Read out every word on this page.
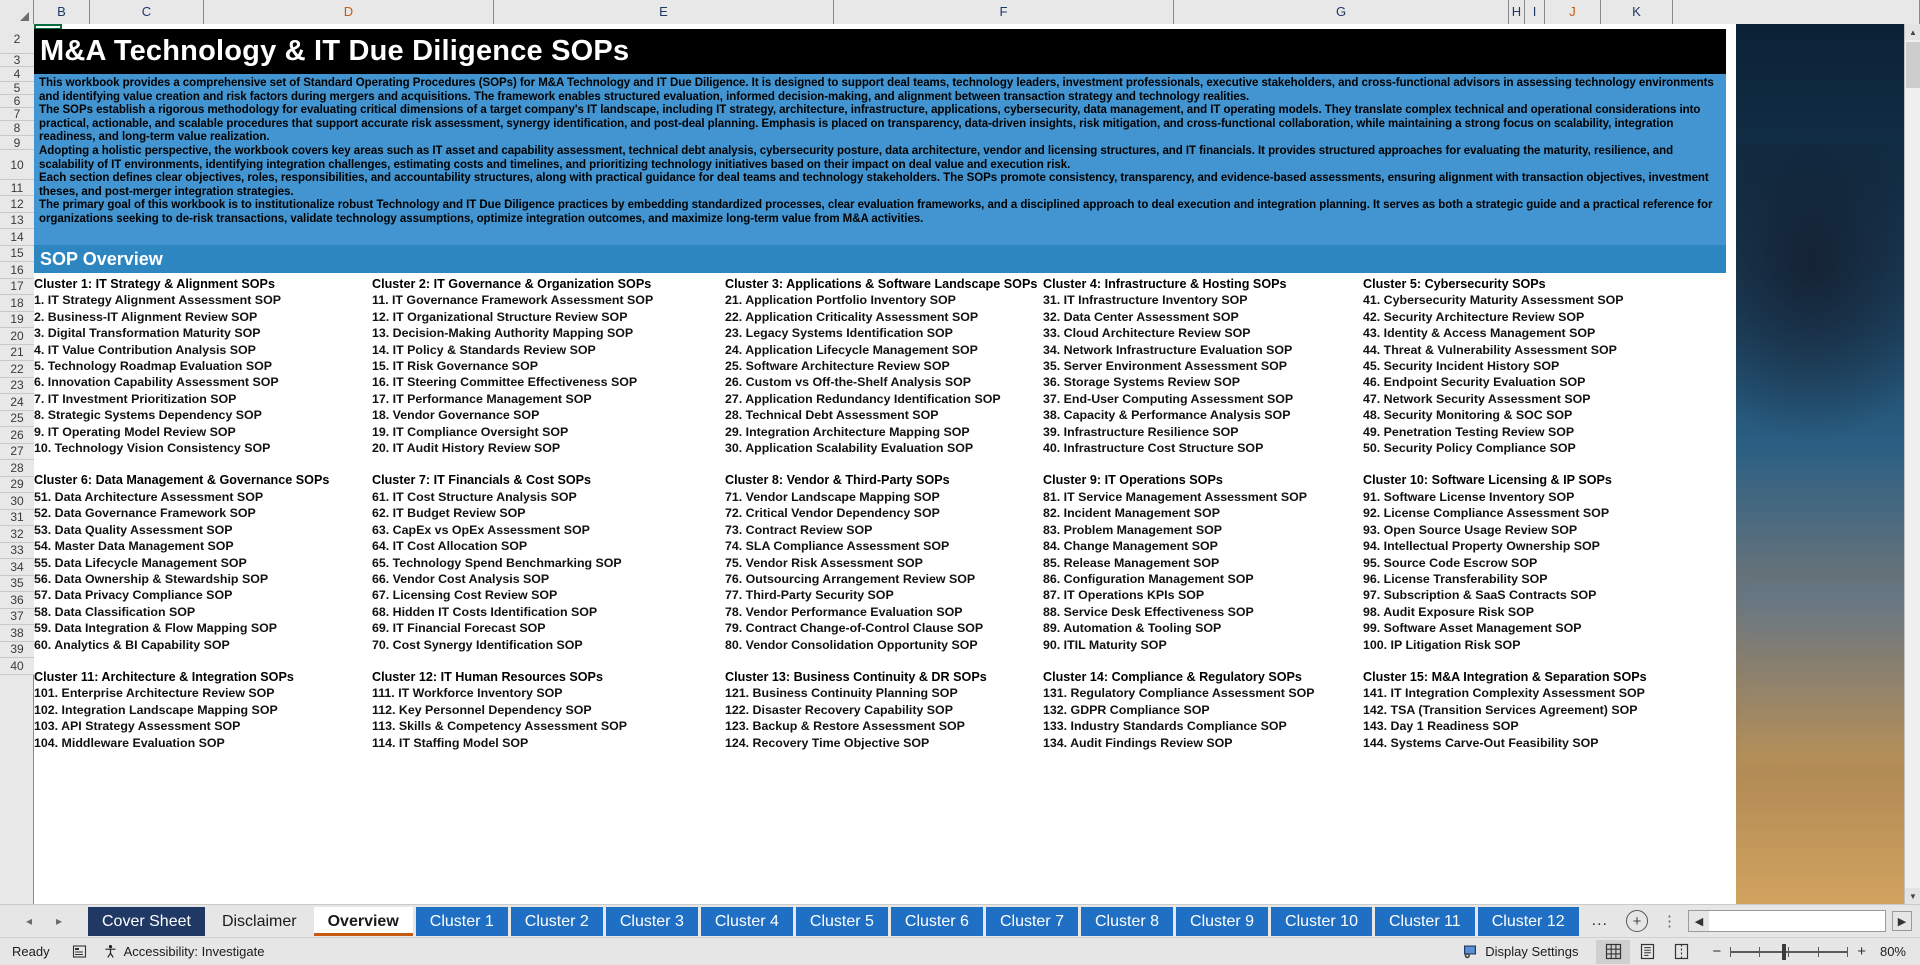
B	C	D	E	F	G	H I	J	K
2
3
4
5
6
7
8
9
10
11
12
13
14
15
16
17
18
19
20
21
22
23
24
25
26
27
28
29
30
31
32
33
34
35
36
37
38
39
40
M&A Technology & IT Due Diligence SOPs

This workbook provides a comprehensive set of Standard Operating Procedures (SOPs) for M&A Technology and IT Due Diligence. It is designed to support deal teams, technology leaders, investment professionals, executive stakeholders, and cross-functional advisors in assessing technology environments and identifying value creation and risk factors during mergers and acquisitions. The framework enables structured evaluation, informed decision-making, and alignment between transaction strategy and technology realities.

The SOPs establish a rigorous methodology for evaluating critical dimensions of a target company's IT landscape, including IT strategy, architecture, infrastructure, applications, cybersecurity, data management, and IT operating models. They translate complex technical and operational considerations into practical, actionable, and scalable procedures that support accurate risk assessment, synergy identification, and post-deal planning. Emphasis is placed on transparency, data-driven insights, risk mitigation, and cross-functional collaboration, while maintaining a strong focus on scalability, integration readiness, and long-term value realization.

Adopting a holistic perspective, the workbook covers key areas such as IT asset and capability assessment, technical debt analysis, cybersecurity posture, data architecture, vendor and licensing structures, and IT financials. It provides structured approaches for evaluating the maturity, resilience, and scalability of IT environments, identifying integration challenges, estimating costs and timelines, and prioritizing technology initiatives based on their impact on deal value and execution risk.

Each section defines clear objectives, roles, responsibilities, and accountability structures, along with practical guidance for deal teams and technology stakeholders. The SOPs promote consistency, transparency, and evidence-based assessments, ensuring alignment with transaction objectives, investment theses, and post-merger integration strategies.

The primary goal of this workbook is to institutionalize robust Technology and IT Due Diligence practices by embedding standardized processes, clear evaluation frameworks, and a disciplined approach to deal execution and integration planning. It serves as both a strategic guide and a practical reference for organizations seeking to de-risk transactions, validate technology assumptions, optimize integration outcomes, and maximize long-term value from M&A activities.

SOP Overview
Cluster 1: IT Strategy & Alignment SOPs
1. IT Strategy Alignment Assessment SOP
2. Business-IT Alignment Review SOP
3. Digital Transformation Maturity SOP
4. IT Value Contribution Analysis SOP
5. Technology Roadmap Evaluation SOP
6. Innovation Capability Assessment SOP
7. IT Investment Prioritization SOP
8. Strategic Systems Dependency SOP
9. IT Operating Model Review SOP
10. Technology Vision Consistency SOP
Cluster 2: IT Governance & Organization SOPs
11. IT Governance Framework Assessment SOP
12. IT Organizational Structure Review SOP
13. Decision-Making Authority Mapping SOP
14. IT Policy & Standards Review SOP
15. IT Risk Governance SOP
16. IT Steering Committee Effectiveness SOP
17. IT Performance Management SOP
18. Vendor Governance SOP
19. IT Compliance Oversight SOP
20. IT Audit History Review SOP
Cluster 3: Applications & Software Landscape SOPs
21. Application Portfolio Inventory SOP
22. Application Criticality Assessment SOP
23. Legacy Systems Identification SOP
24. Application Lifecycle Management SOP
25. Software Architecture Review SOP
26. Custom vs Off-the-Shelf Analysis SOP
27. Application Redundancy Identification SOP
28. Technical Debt Assessment SOP
29. Integration Architecture Mapping SOP
30. Application Scalability Evaluation SOP
Cluster 4: Infrastructure & Hosting SOPs
31. IT Infrastructure Inventory SOP
32. Data Center Assessment SOP
33. Cloud Architecture Review SOP
34. Network Infrastructure Evaluation SOP
35. Server Environment Assessment SOP
36. Storage Systems Review SOP
37. End-User Computing Assessment SOP
38. Capacity & Performance Analysis SOP
39. Infrastructure Resilience SOP
40. Infrastructure Cost Structure SOP
Cluster 5: Cybersecurity SOPs
41. Cybersecurity Maturity Assessment SOP
42. Security Architecture Review SOP
43. Identity & Access Management SOP
44. Threat & Vulnerability Assessment SOP
45. Security Incident History SOP
46. Endpoint Security Evaluation SOP
47. Network Security Assessment SOP
48. Security Monitoring & SOC SOP
49. Penetration Testing Review SOP
50. Security Policy Compliance SOP
Cluster 6: Data Management & Governance SOPs
51. Data Architecture Assessment SOP
52. Data Governance Framework SOP
53. Data Quality Assessment SOP
54. Master Data Management SOP
55. Data Lifecycle Management SOP
56. Data Ownership & Stewardship SOP
57. Data Privacy Compliance SOP
58. Data Classification SOP
59. Data Integration & Flow Mapping SOP
60. Analytics & BI Capability SOP
Cluster 7: IT Financials & Cost SOPs
61. IT Cost Structure Analysis SOP
62. IT Budget Review SOP
63. CapEx vs OpEx Assessment SOP
64. IT Cost Allocation SOP
65. Technology Spend Benchmarking SOP
66. Vendor Cost Analysis SOP
67. Licensing Cost Review SOP
68. Hidden IT Costs Identification SOP
69. IT Financial Forecast SOP
70. Cost Synergy Identification SOP
Cluster 8: Vendor & Third-Party SOPs
71. Vendor Landscape Mapping SOP
72. Critical Vendor Dependency SOP
73. Contract Review SOP
74. SLA Compliance Assessment SOP
75. Vendor Risk Assessment SOP
76. Outsourcing Arrangement Review SOP
77. Third-Party Security SOP
78. Vendor Performance Evaluation SOP
79. Contract Change-of-Control Clause SOP
80. Vendor Consolidation Opportunity SOP
Cluster 9: IT Operations SOPs
81. IT Service Management Assessment SOP
82. Incident Management SOP
83. Problem Management SOP
84. Change Management SOP
85. Release Management SOP
86. Configuration Management SOP
87. IT Operations KPIs SOP
88. Service Desk Effectiveness SOP
89. Automation & Tooling SOP
90. ITIL Maturity SOP
Cluster 10: Software Licensing & IP SOPs
91. Software License Inventory SOP
92. License Compliance Assessment SOP
93. Open Source Usage Review SOP
94. Intellectual Property Ownership SOP
95. Source Code Escrow SOP
96. License Transferability SOP
97. Subscription & SaaS Contracts SOP
98. Audit Exposure Risk SOP
99. Software Asset Management SOP
100. IP Litigation Risk SOP
Cluster 11: Architecture & Integration SOPs
101. Enterprise Architecture Review SOP
102. Integration Landscape Mapping SOP
103. API Strategy Assessment SOP
104. Middleware Evaluation SOP
Cluster 12: IT Human Resources SOPs
111. IT Workforce Inventory SOP
112. Key Personnel Dependency SOP
113. Skills & Competency Assessment SOP
114. IT Staffing Model SOP
Cluster 13: Business Continuity & DR SOPs
121. Business Continuity Planning SOP
122. Disaster Recovery Capability SOP
123. Backup & Restore Assessment SOP
124. Recovery Time Objective SOP
Cluster 14: Compliance & Regulatory SOPs
131. Regulatory Compliance Assessment SOP
132. GDPR Compliance SOP
133. Industry Standards Compliance SOP
134. Audit Findings Review SOP
Cluster 15: M&A Integration & Separation SOPs
141. IT Integration Complexity Assessment SOP
142. TSA (Transition Services Agreement) SOP
143. Day 1 Readiness SOP
144. Systems Carve-Out Feasibility SOP
▲
▼
◂ ▸	Cover Sheet	Disclaimer	Overview	Cluster 1	Cluster 2	Cluster 3	Cluster 4	Cluster 5	Cluster 6	Cluster 7	Cluster 8	Cluster 9	Cluster 10	Cluster 11	Cluster 12	...	+	⋮	◀	▶
Ready	Accessibility: Investigate	Display Settings	−	+	80%
